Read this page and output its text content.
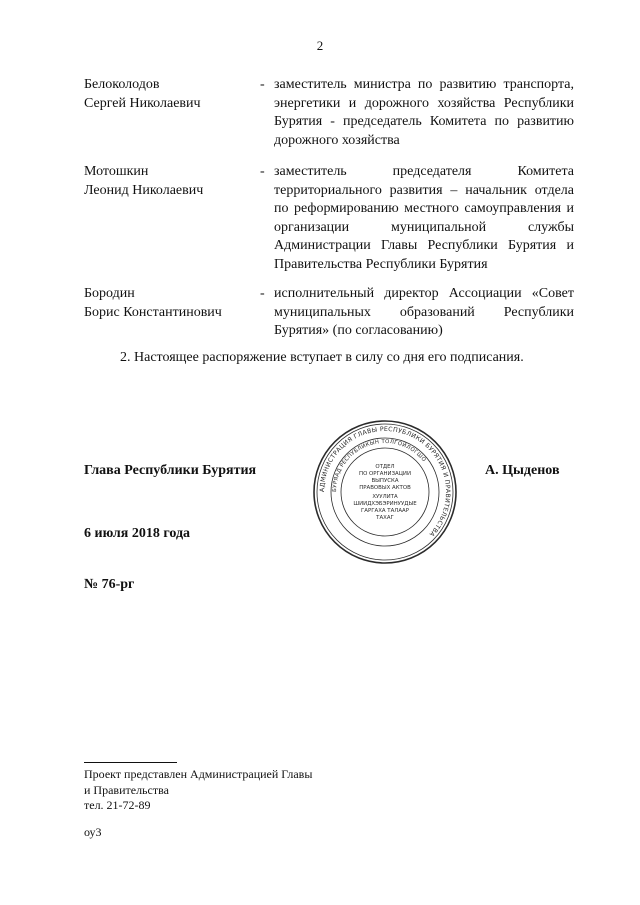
2
Белоколодов
Сергей Николаевич
- заместитель министра по развитию транспорта, энергетики и дорожного хозяйства Республики Бурятия - председатель Комитета по развитию дорожного хозяйства
Мотошкин
Леонид Николаевич
- заместитель председателя Комитета территориального развития – начальник отдела по реформированию местного самоуправления и организации муниципальной службы Администрации Главы Республики Бурятия и Правительства Республики Бурятия
Бородин
Борис Константинович
- исполнительный директор Ассоциации «Совет муниципальных образований Республики Бурятия» (по согласованию)
2. Настоящее распоряжение вступает в силу со дня его подписания.
Глава Республики Бурятия	А. Цыденов
АДМИНИСТРАЦИЯ ГЛАВЫ РЕСПУБЛИКИ БУРЯТИЯ И ПРАВИТЕЛЬСТВА
БУРЯАД РЕСПУБЛИКЫН ТОЛГОЙЛОГШО
ОТДЕЛ
ПО ОРГАНИЗАЦИИ
ВЫПУСКА
ПРАВОВЫХ АКТОВ
ХУУЛИТА
ШИИДХЭБЭРИНУУДЫЕ
ГАРГАХА ТАЛААР
ТАХАГ
6 июля 2018 года
№ 76-рг
Проект представлен Администрацией Главы
и Правительства
тел. 21-72-89
оу3
